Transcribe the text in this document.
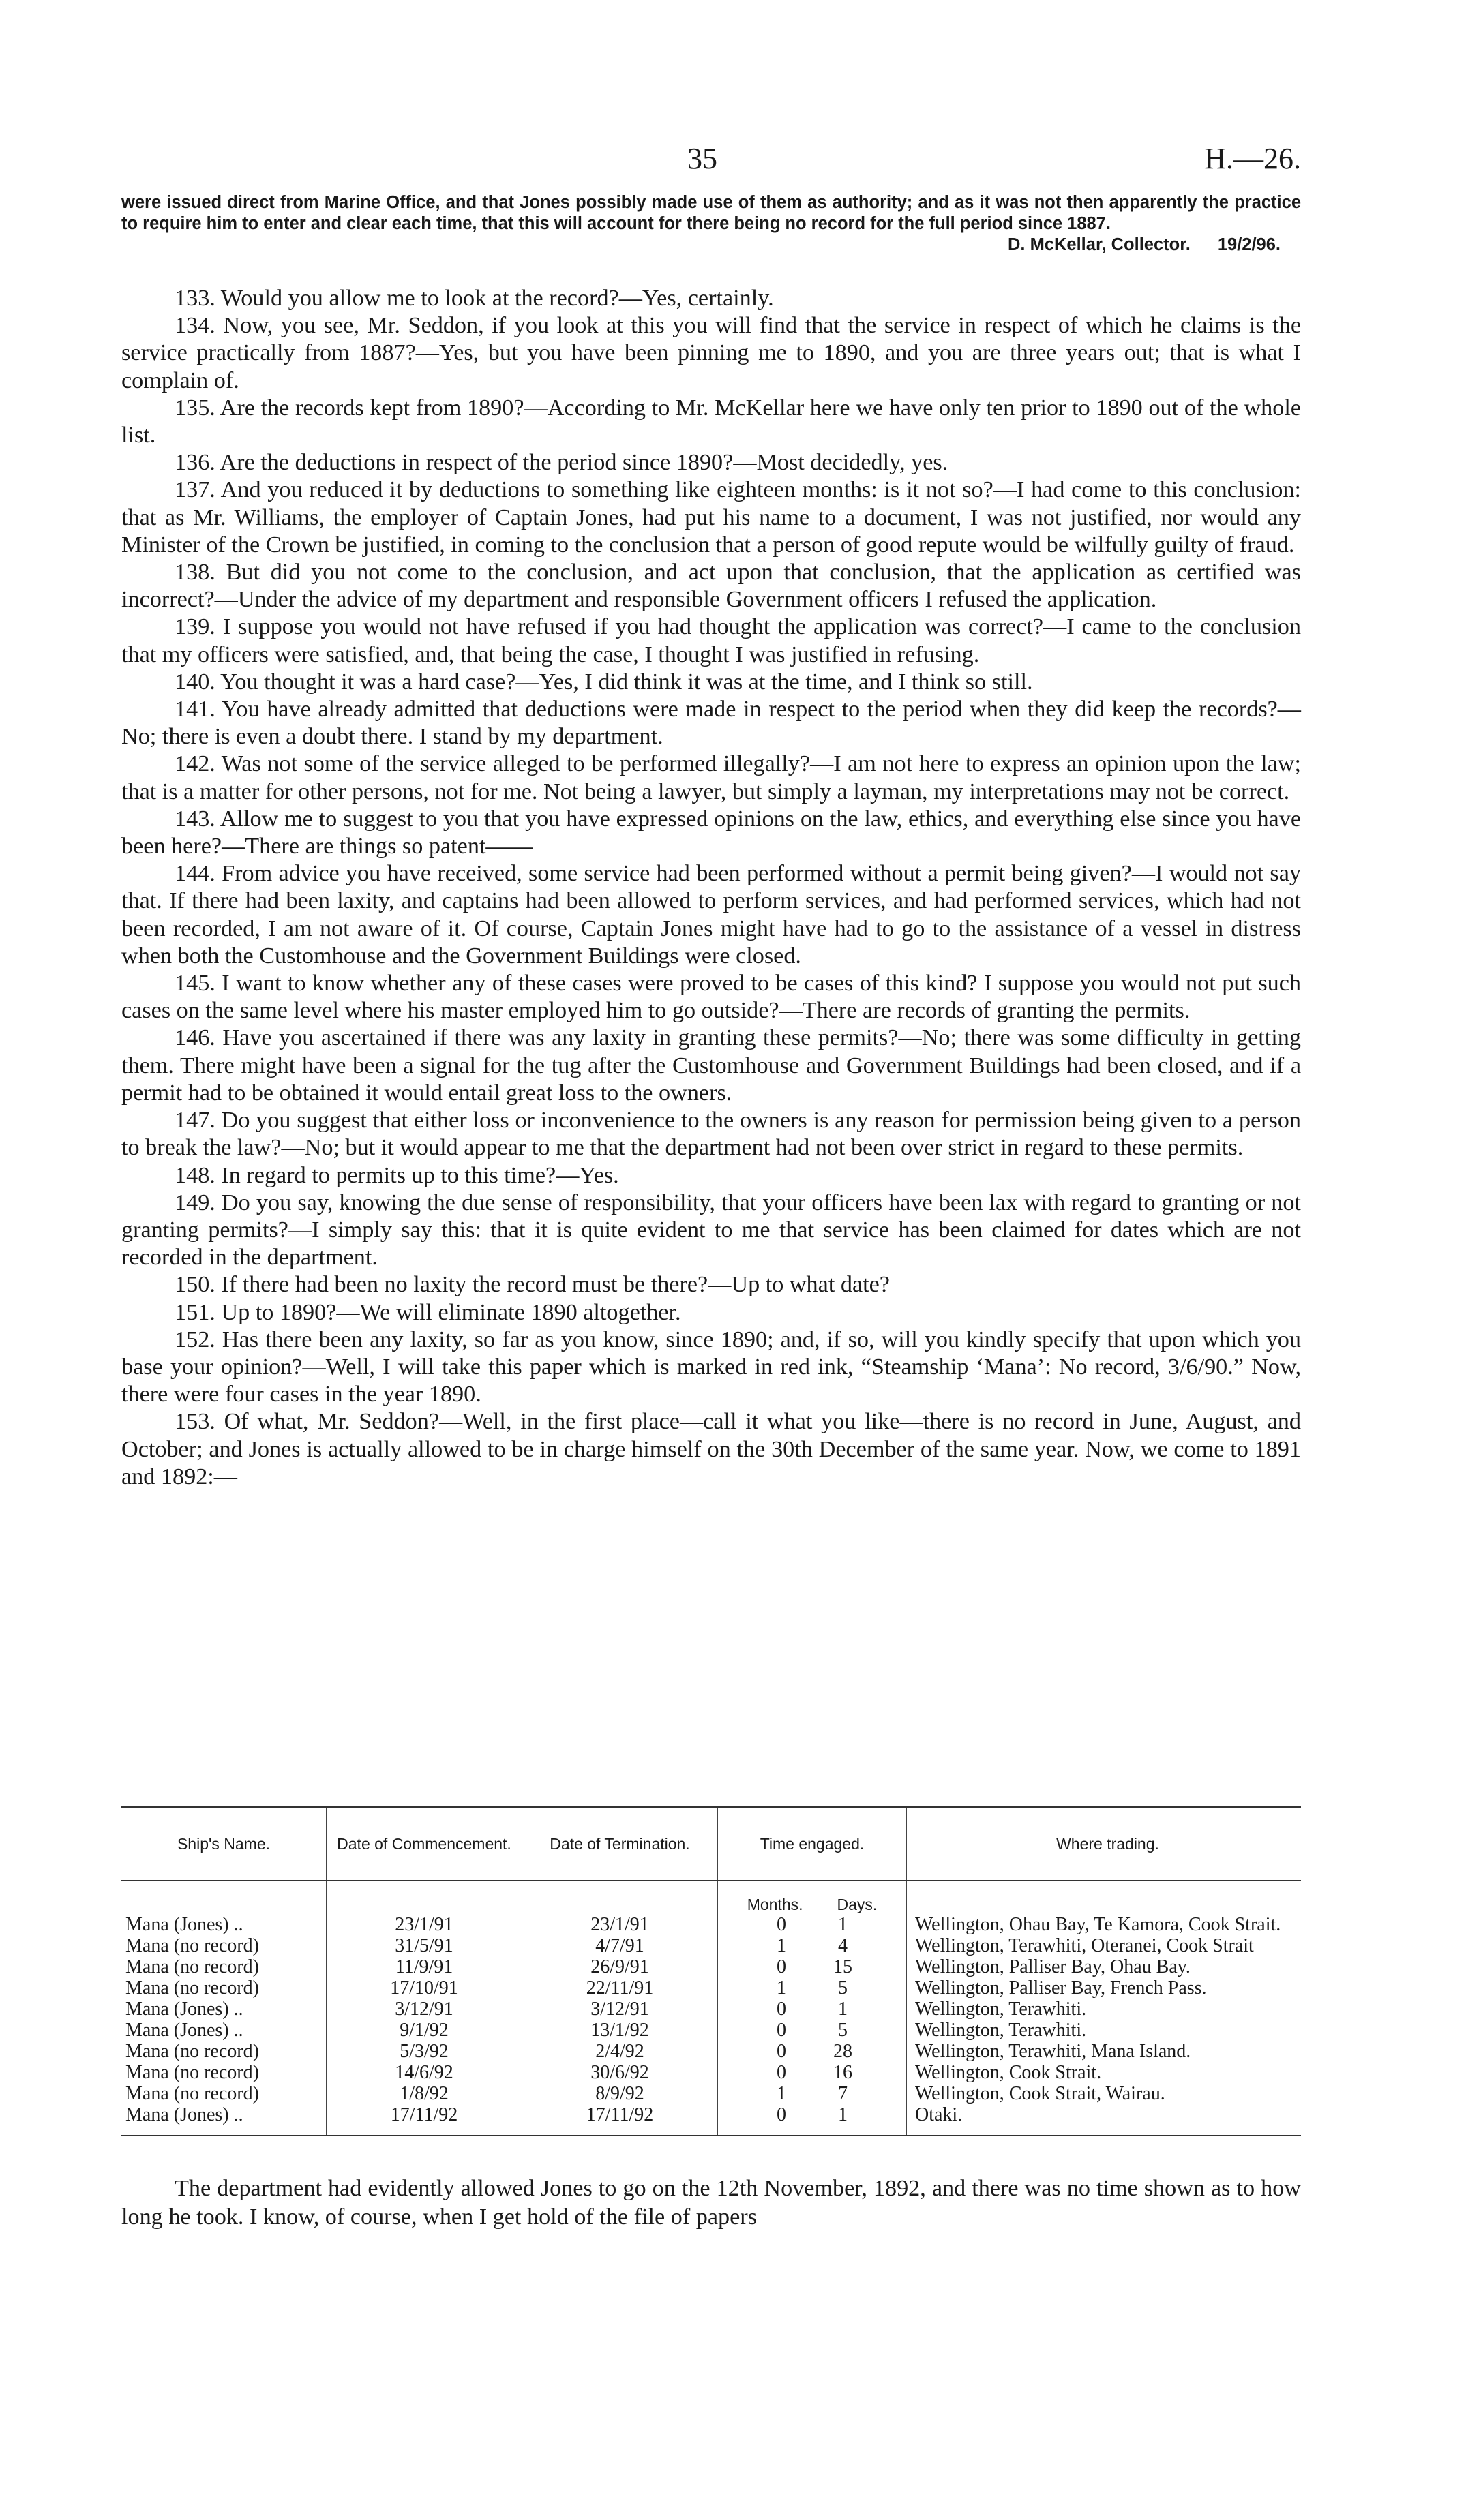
35	H.—26.
were issued direct from Marine Office, and that Jones possibly made use of them as authority; and as it was not then apparently the practice to require him to enter and clear each time, that this will account for there being no record for the full period since 1887.
D. McKellar, Collector. 19/2/96.

133. Would you allow me to look at the record?—Yes, certainly.

134. Now, you see, Mr. Seddon, if you look at this you will find that the service in respect of which he claims is the service practically from 1887?—Yes, but you have been pinning me to 1890, and you are three years out; that is what I complain of.

135. Are the records kept from 1890?—According to Mr. McKellar here we have only ten prior to 1890 out of the whole list.

136. Are the deductions in respect of the period since 1890?—Most decidedly, yes.

137. And you reduced it by deductions to something like eighteen months: is it not so?—I had come to this conclusion: that as Mr. Williams, the employer of Captain Jones, had put his name to a document, I was not justified, nor would any Minister of the Crown be justified, in coming to the conclusion that a person of good repute would be wilfully guilty of fraud.

138. But did you not come to the conclusion, and act upon that conclusion, that the application as certified was incorrect?—Under the advice of my department and responsible Government officers I refused the application.

139. I suppose you would not have refused if you had thought the application was correct?—I came to the conclusion that my officers were satisfied, and, that being the case, I thought I was justified in refusing.

140. You thought it was a hard case?—Yes, I did think it was at the time, and I think so still.

141. You have already admitted that deductions were made in respect to the period when they did keep the records?—No; there is even a doubt there. I stand by my department.

142. Was not some of the service alleged to be performed illegally?—I am not here to express an opinion upon the law; that is a matter for other persons, not for me. Not being a lawyer, but simply a layman, my interpretations may not be correct.

143. Allow me to suggest to you that you have expressed opinions on the law, ethics, and everything else since you have been here?—There are things so patent——

144. From advice you have received, some service had been performed without a permit being given?—I would not say that. If there had been laxity, and captains had been allowed to perform services, and had performed services, which had not been recorded, I am not aware of it. Of course, Captain Jones might have had to go to the assistance of a vessel in distress when both the Customhouse and the Government Buildings were closed.

145. I want to know whether any of these cases were proved to be cases of this kind? I suppose you would not put such cases on the same level where his master employed him to go outside?—There are records of granting the permits.

146. Have you ascertained if there was any laxity in granting these permits?—No; there was some difficulty in getting them. There might have been a signal for the tug after the Customhouse and Government Buildings had been closed, and if a permit had to be obtained it would entail great loss to the owners.

147. Do you suggest that either loss or inconvenience to the owners is any reason for permission being given to a person to break the law?—No; but it would appear to me that the department had not been over strict in regard to these permits.

148. In regard to permits up to this time?—Yes.

149. Do you say, knowing the due sense of responsibility, that your officers have been lax with regard to granting or not granting permits?—I simply say this: that it is quite evident to me that service has been claimed for dates which are not recorded in the department.

150. If there had been no laxity the record must be there?—Up to what date?

151. Up to 1890?—We will eliminate 1890 altogether.

152. Has there been any laxity, so far as you know, since 1890; and, if so, will you kindly specify that upon which you base your opinion?—Well, I will take this paper which is marked in red ink, “Steamship ‘Mana’: No record, 3/6/90.” Now, there were four cases in the year 1890.

153. Of what, Mr. Seddon?—Well, in the first place—call it what you like—there is no record in June, August, and October; and Jones is actually allowed to be in charge himself on the 30th December of the same year. Now, we come to 1891 and 1892:—

Ship's Name.	Date of Commencement.	Date of Termination.	Time engaged.	Where trading.

			Months. Days.	

Mana (Jones) ..	23/1/91	23/1/91	0 1	Wellington, Ohau Bay, Te Kamora, Cook Strait.
Mana (no record)	31/5/91	4/7/91	1 4	Wellington, Terawhiti, Oteranei, Cook Strait
Mana (no record)	11/9/91	26/9/91	0 15	Wellington, Palliser Bay, Ohau Bay.
Mana (no record)	17/10/91	22/11/91	1 5	Wellington, Palliser Bay, French Pass.
Mana (Jones) ..	3/12/91	3/12/91	0 1	Wellington, Terawhiti.
Mana (Jones) ..	9/1/92	13/1/92	0 5	Wellington, Terawhiti.
Mana (no record)	5/3/92	2/4/92	0 28	Wellington, Terawhiti, Mana Island.
Mana (no record)	14/6/92	30/6/92	0 16	Wellington, Cook Strait.
Mana (no record)	1/8/92	8/9/92	1 7	Wellington, Cook Strait, Wairau.
Mana (Jones) ..	17/11/92	17/11/92	0 1	Otaki.

The department had evidently allowed Jones to go on the 12th November, 1892, and there was no time shown as to how long he took. I know, of course, when I get hold of the file of papers
